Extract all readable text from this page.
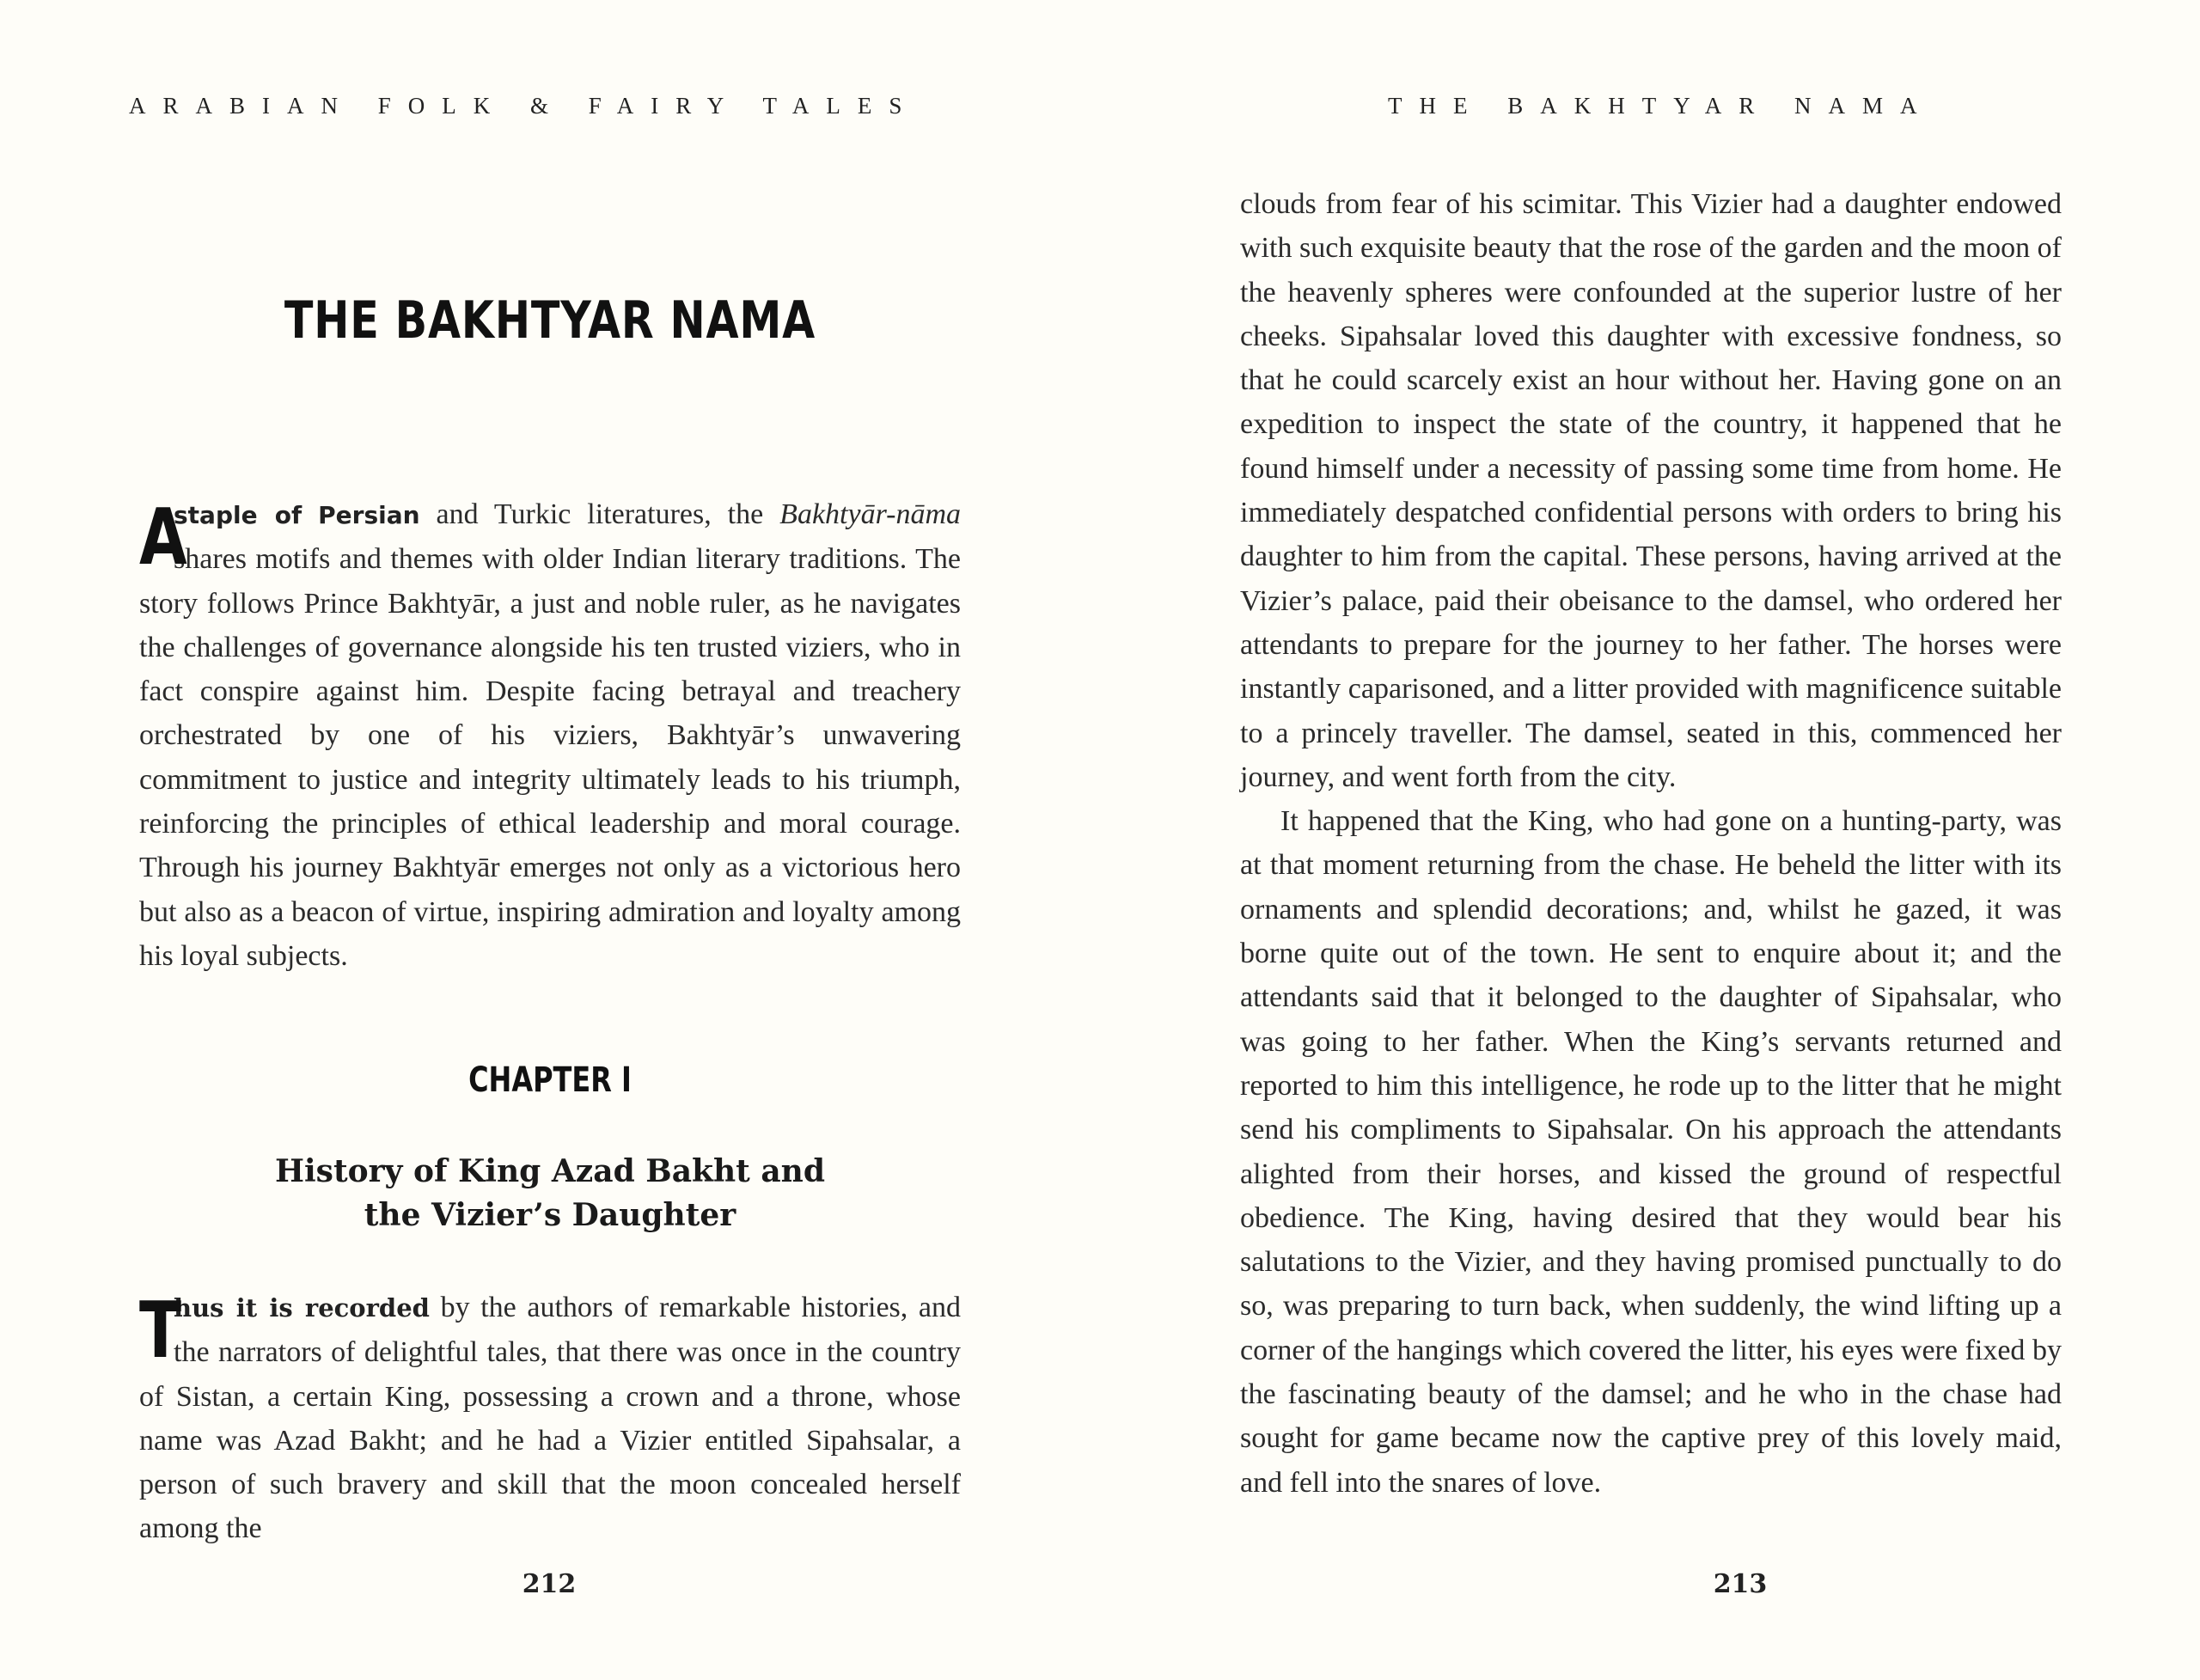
ARABIAN FOLK & FAIRY TALES
THE BAKHTYAR NAMA

A
staple of Persian and Turkic literatures, the Bakhtyār-nāma shares motifs and themes with older Indian literary traditions. The story follows Prince Bakhtyār, a just and noble ruler, as he navigates the challenges of governance alongside his ten trusted viziers, who in fact conspire against him. Despite facing betrayal and treachery orchestrated by one of his viziers, Bakhtyār’s unwavering commitment to justice and integrity ultimately leads to his triumph, reinforcing the principles of ethical leadership and moral courage. Through his journey Bakhtyār emerges not only as a victorious hero but also as a beacon of virtue, inspiring admiration and loyalty among his loyal subjects.

CHAPTER I

History of King Azad Bakht and
the Vizier’s Daughter

T
hus it is recorded by the authors of remarkable histories, and the narrators of delightful tales, that there was once in the country of Sistan, a certain King, possessing a crown and a throne, whose name was Azad Bakht; and he had a Vizier entitled Sipahsalar, a person of such bravery and skill that the moon concealed herself among the

212
THE BAKHTYAR NAMA

clouds from fear of his scimitar. This Vizier had a daughter endowed with such exquisite beauty that the rose of the garden and the moon of the heavenly spheres were confounded at the superior lustre of her cheeks. Sipahsalar loved this daughter with excessive fondness, so that he could scarcely exist an hour without her. Having gone on an expedition to inspect the state of the country, it happened that he found himself under a necessity of passing some time from home. He immediately despatched confidential persons with orders to bring his daughter to him from the capital. These persons, having arrived at the Vizier’s palace, paid their obeisance to the damsel, who ordered her attendants to prepare for the journey to her father. The horses were instantly caparisoned, and a litter provided with magnificence suitable to a princely traveller. The damsel, seated in this, commenced her journey, and went forth from the city.

It happened that the King, who had gone on a hunting-party, was at that moment returning from the chase. He beheld the litter with its ornaments and splendid decorations; and, whilst he gazed, it was borne quite out of the town. He sent to enquire about it; and the attendants said that it belonged to the daughter of Sipahsalar, who was going to her father. When the King’s servants returned and reported to him this intelligence, he rode up to the litter that he might send his compliments to Sipahsalar. On his approach the attendants alighted from their horses, and kissed the ground of respectful obedience. The King, having desired that they would bear his salutations to the Vizier, and they having promised punctually to do so, was preparing to turn back, when suddenly, the wind lifting up a corner of the hangings which covered the litter, his eyes were fixed by the fascinating beauty of the damsel; and he who in the chase had sought for game became now the captive prey of this lovely maid, and fell into the snares of love.

213
